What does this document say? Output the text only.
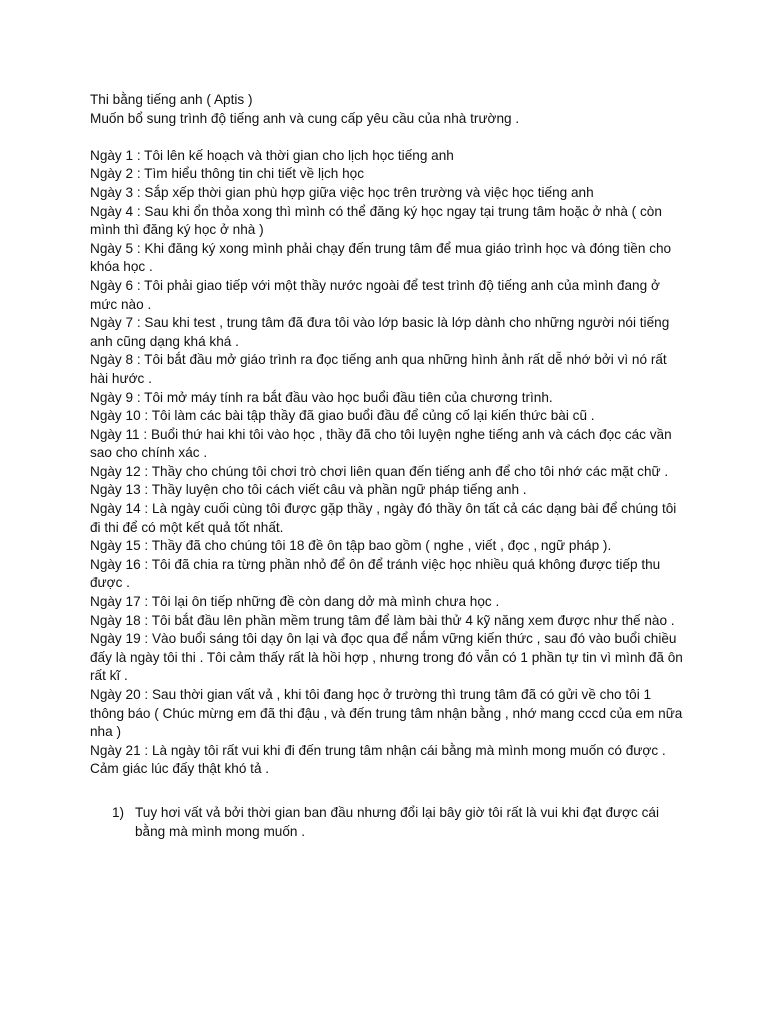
Thi bằng tiếng anh ( Aptis )

Muốn bổ sung trình độ tiếng anh và cung cấp yêu cầu của nhà trường .

Ngày 1 : Tôi lên kế hoạch và thời gian cho lịch học tiếng anh
Ngày 2 : Tìm hiểu thông tin chi tiết về lịch học
Ngày 3 : Sắp xếp thời gian phù hợp giữa việc học trên trường và việc học tiếng anh
Ngày 4 : Sau khi ổn thỏa xong thì mình có thể đăng ký học ngay tại trung tâm hoặc ở nhà ( còn mình thì đăng ký học ở nhà )
Ngày 5 : Khi đăng ký xong mình phải chạy đến trung tâm để mua giáo trình học và đóng tiền cho khóa học .
Ngày 6 : Tôi phải giao tiếp với một thầy nước ngoài để test trình độ tiếng anh của mình đang ở mức nào .
Ngày 7 : Sau khi test , trung tâm đã đưa tôi vào lớp basic là lớp dành cho những người nói tiếng anh cũng dạng khá khá .
Ngày 8 : Tôi bắt đầu mở giáo trình ra đọc tiếng anh qua những hình ảnh rất dễ nhớ bởi vì nó rất hài hước .
Ngày 9 : Tôi mở máy tính ra bắt đầu vào học buổi đầu tiên của chương trình.
Ngày 10 : Tôi làm các bài tập thầy đã giao buổi đầu để củng cố lại kiến thức bài cũ .
Ngày 11 : Buổi thứ hai khi tôi vào học , thầy đã cho tôi luyện nghe tiếng anh và cách đọc các vần sao cho chính xác .
Ngày 12 : Thầy cho chúng tôi chơi trò chơi liên quan đến tiếng anh để cho tôi nhớ các mặt chữ .
Ngày 13 : Thầy luyện cho tôi cách viết câu và phần ngữ pháp tiếng anh .
Ngày 14 : Là ngày cuối cùng tôi được gặp thầy , ngày đó thầy ôn tất cả các dạng bài để chúng tôi đi thi để có một kết quả tốt nhất.
Ngày 15 : Thầy đã cho chúng tôi 18 đề ôn tập bao gồm ( nghe , viết , đọc , ngữ pháp ).
Ngày 16 : Tôi đã chia ra từng phần nhỏ để ôn để tránh việc học nhiều quá không được tiếp thu được .
Ngày 17 : Tôi lại ôn tiếp những đề còn dang dở mà mình chưa học .
Ngày 18 : Tôi bắt đầu lên phần mềm trung tâm để làm bài thử 4 kỹ năng xem được như thế nào .
Ngày 19 : Vào buổi sáng tôi dạy ôn lại và đọc qua để nắm vững kiến thức , sau đó vào buổi chiều đấy là ngày tôi thi . Tôi cảm thấy rất là hồi hợp , nhưng trong đó vẫn có 1 phần tự tin vì mình đã ôn rất kĩ .
Ngày 20 : Sau thời gian vất vả , khi tôi đang học ở trường thì trung tâm đã có gửi về cho tôi 1 thông báo ( Chúc mừng em đã thi đậu , và đến trung tâm nhận bằng , nhớ mang cccd của em nữa nha )
Ngày 21 : Là ngày tôi rất vui khi đi đến trung tâm nhận cái bằng mà mình mong muốn có được . Cảm giác lúc đấy thật khó tả .
1) Tuy hơi vất vả bởi thời gian ban đầu nhưng đổi lại bây giờ tôi rất là vui khi đạt được cái bằng mà mình mong muốn .
